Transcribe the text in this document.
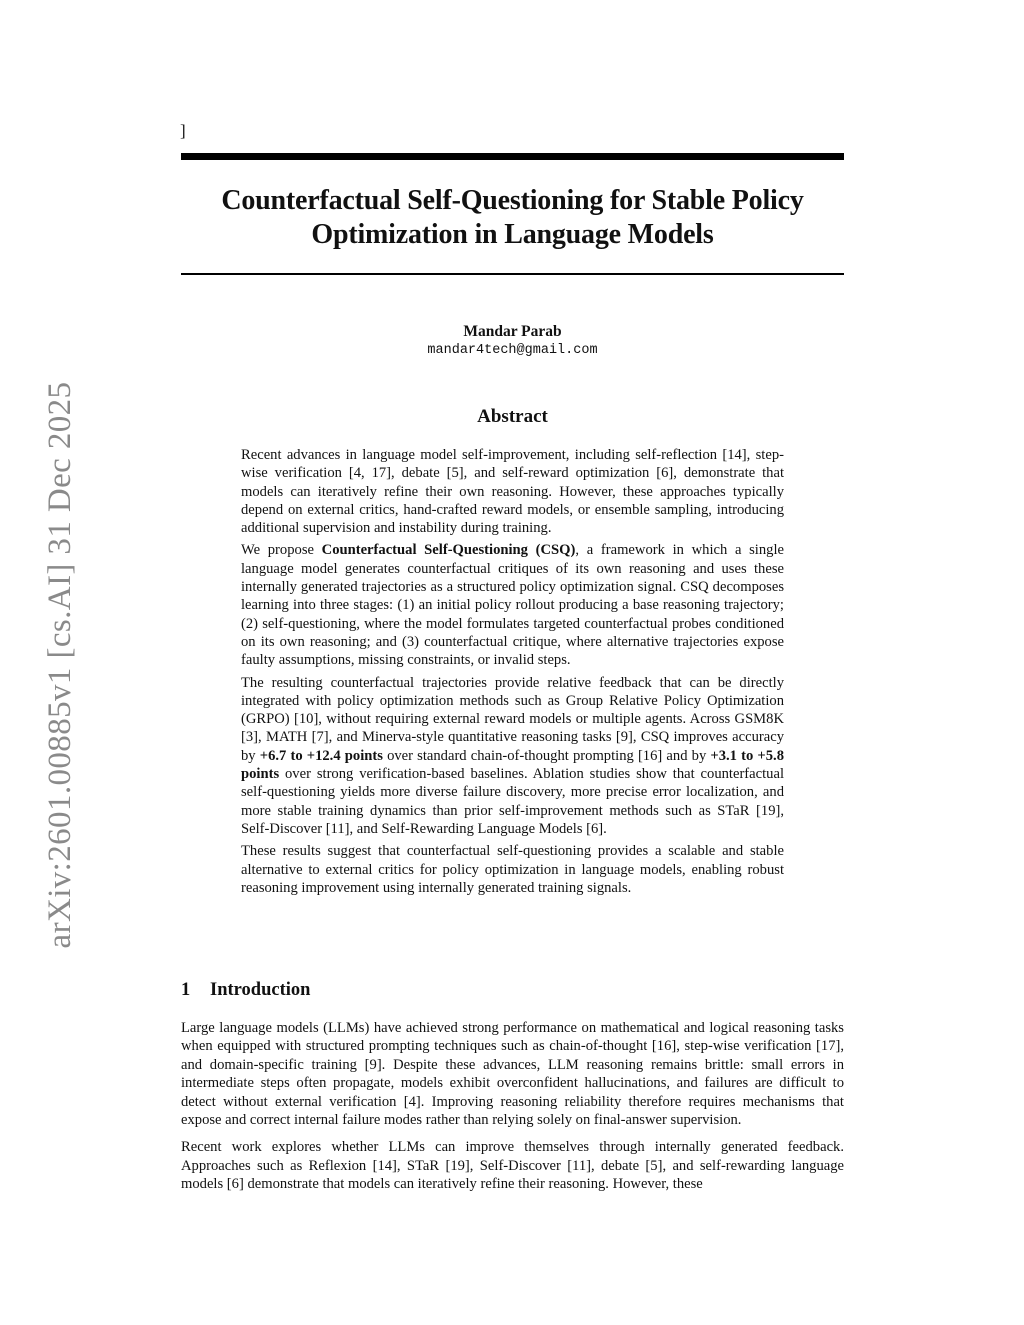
]
arXiv:2601.00885v1 [cs.AI] 31 Dec 2025
Counterfactual Self-Questioning for Stable Policy
Optimization in Language Models
Mandar Parab
mandar4tech@gmail.com
Abstract

Recent advances in language model self-improvement, including self-reflection [14], step-wise verification [4, 17], debate [5], and self-reward optimization [6], demonstrate that models can iteratively refine their own reasoning. However, these approaches typically depend on external critics, hand-crafted reward models, or ensemble sampling, introducing additional supervision and instability during training.

We propose Counterfactual Self-Questioning (CSQ), a framework in which a single language model generates counterfactual critiques of its own reasoning and uses these internally generated trajectories as a structured policy optimization signal. CSQ decomposes learning into three stages: (1) an initial policy rollout producing a base reasoning trajectory; (2) self-questioning, where the model formulates targeted counterfactual probes conditioned on its own reasoning; and (3) counterfactual critique, where alternative trajectories expose faulty assumptions, missing constraints, or invalid steps.

The resulting counterfactual trajectories provide relative feedback that can be directly integrated with policy optimization methods such as Group Relative Policy Optimization (GRPO) [10], without requiring external reward models or multiple agents. Across GSM8K [3], MATH [7], and Minerva-style quantitative reasoning tasks [9], CSQ improves accuracy by +6.7 to +12.4 points over standard chain-of-thought prompting [16] and by +3.1 to +5.8 points over strong verification-based baselines. Ablation studies show that counterfactual self-questioning yields more diverse failure discovery, more precise error localization, and more stable training dynamics than prior self-improvement methods such as STaR [19], Self-Discover [11], and Self-Rewarding Language Models [6].

These results suggest that counterfactual self-questioning provides a scalable and stable alternative to external critics for policy optimization in language models, enabling robust reasoning improvement using internally generated training signals.

1 Introduction

Large language models (LLMs) have achieved strong performance on mathematical and logical reasoning tasks when equipped with structured prompting techniques such as chain-of-thought [16], step-wise verification [17], and domain-specific training [9]. Despite these advances, LLM reasoning remains brittle: small errors in intermediate steps often propagate, models exhibit overconfident hallucinations, and failures are difficult to detect without external verification [4]. Improving reasoning reliability therefore requires mechanisms that expose and correct internal failure modes rather than relying solely on final-answer supervision.

Recent work explores whether LLMs can improve themselves through internally generated feedback. Approaches such as Reflexion [14], STaR [19], Self-Discover [11], debate [5], and self-rewarding language models [6] demonstrate that models can iteratively refine their reasoning. However, these
